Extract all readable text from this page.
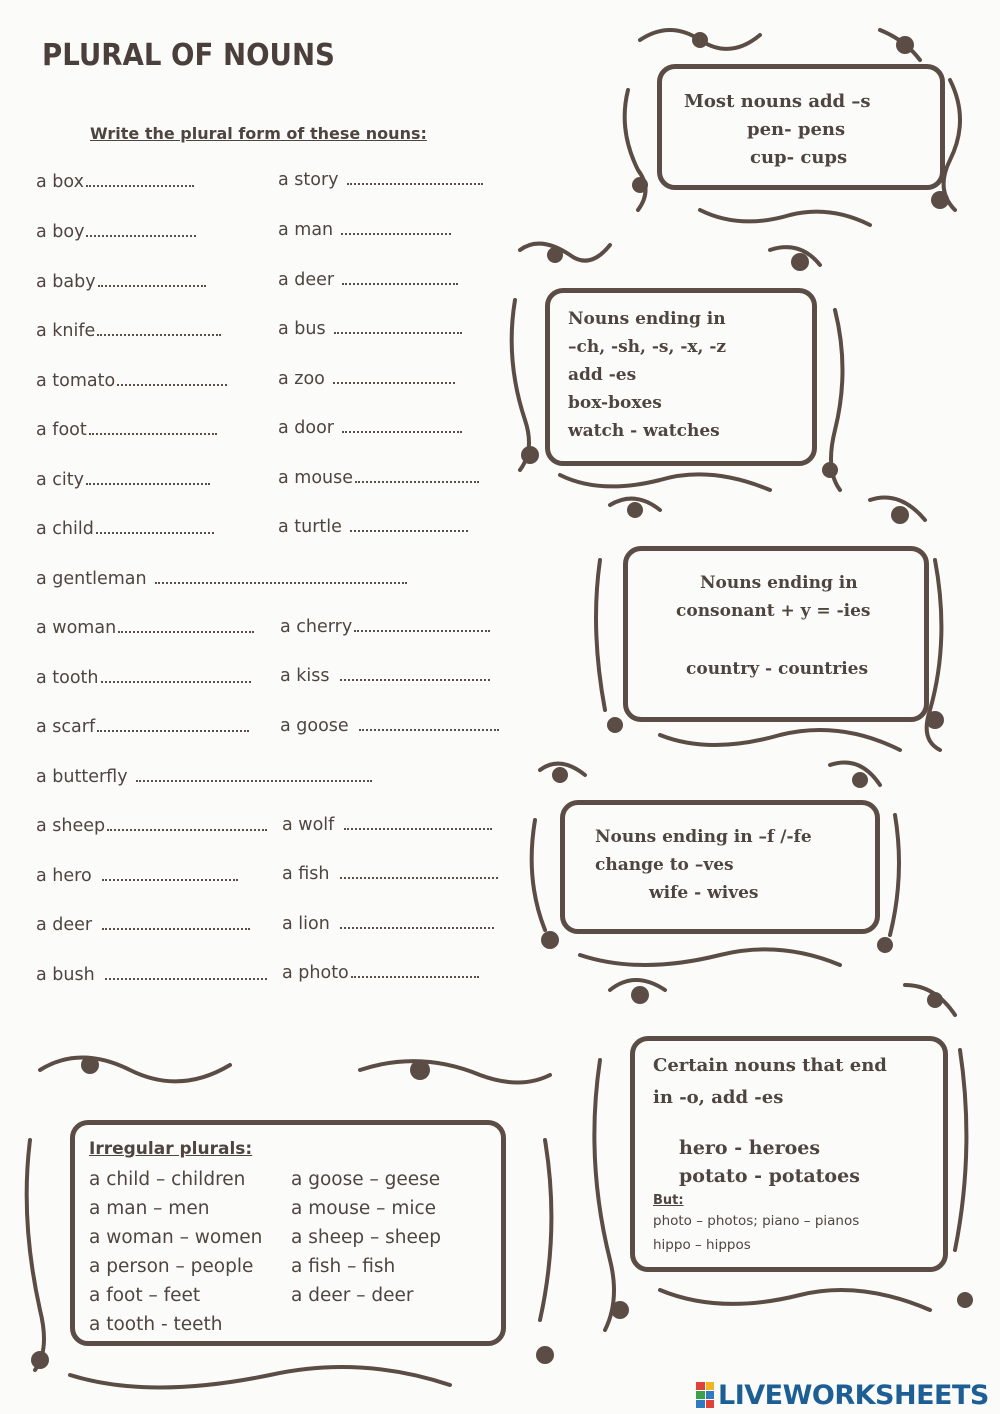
PLURAL OF NOUNS
Write the plural form of these nouns:
a box
a boy
a baby
a knife
a tomato
a foot
a city
a child
a gentleman
a woman
a tooth
a scarf
a butterfly
a sheep
a hero
a deer
a bush
a story
a man
a deer
a bus
a zoo
a door
a mouse
a turtle
a cherry
a kiss
a goose
a wolf
a fish
a lion
a photo
Most nouns add –s
pen- pens
cup- cups
Nouns ending in
–ch, -sh, -s, -x, -z
add -es
box-boxes
watch - watches
Nouns ending in
consonant + y = -ies
country - countries
Nouns ending in –f /-fe
change to –ves
wife - wives
Certain nouns that end
in -o, add -es
hero - heroes
potato - potatoes
But:
photo – photos; piano – pianos
hippo – hippos
Irregular plurals:
a child – children
a man – men
a woman – women
a person – people
a foot – feet
a tooth - teeth
a goose – geese
a mouse – mice
a sheep – sheep
a fish – fish
a deer – deer
LIVEWORKSHEETS
